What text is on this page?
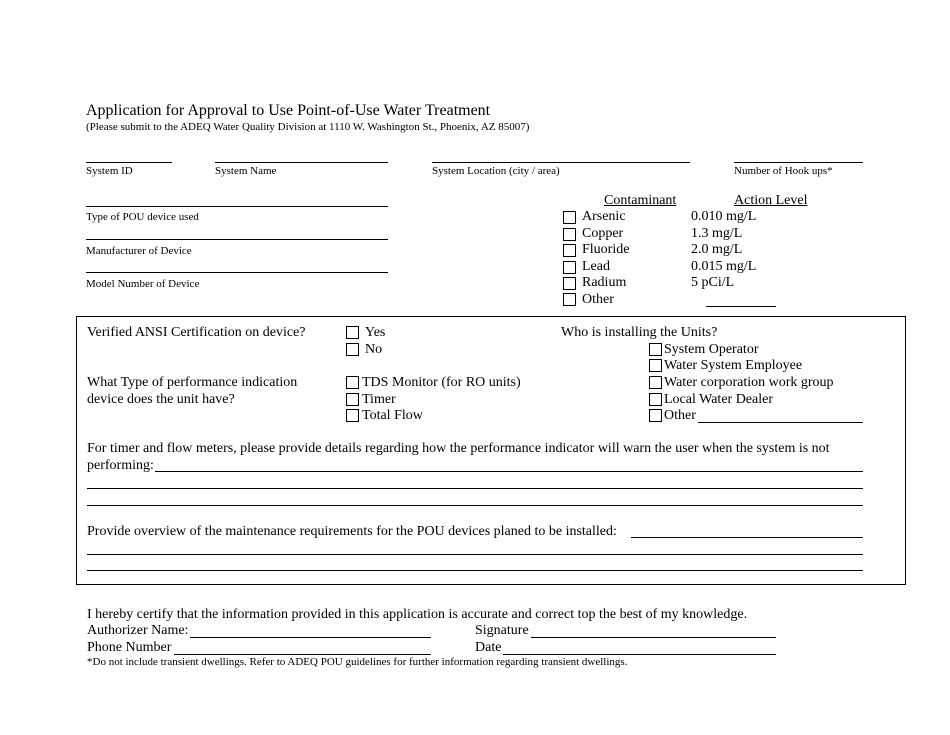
Application for Approval to Use Point-of-Use Water Treatment
(Please submit to the ADEQ Water Quality Division at 1110 W. Washington St., Phoenix, AZ 85007)
System ID	System Name	System Location (city / area)	Number of Hook ups*
Type of POU device used
Manufacturer of Device
Model Number of Device
Contaminant	Action Level
Arsenic	0.010 mg/L
Copper	1.3 mg/L
Fluoride	2.0 mg/L
Lead	0.015 mg/L
Radium	5 pCi/L
Other
Verified ANSI Certification on device?	Yes
No
Who is installing the Units?
System Operator
Water System Employee
Water corporation work group
Local Water Dealer
Other
What Type of performance indication
device does the unit have?
TDS Monitor (for RO units)
Timer
Total Flow
For timer and flow meters, please provide details regarding how the performance indicator will warn the user when the system is not
performing:
Provide overview of the maintenance requirements for the POU devices planed to be installed:
I hereby certify that the information provided in this application is accurate and correct top the best of my knowledge.
Authorizer Name:	Signature
Phone Number	Date
*Do not include transient dwellings. Refer to ADEQ POU guidelines for further information regarding transient dwellings.
